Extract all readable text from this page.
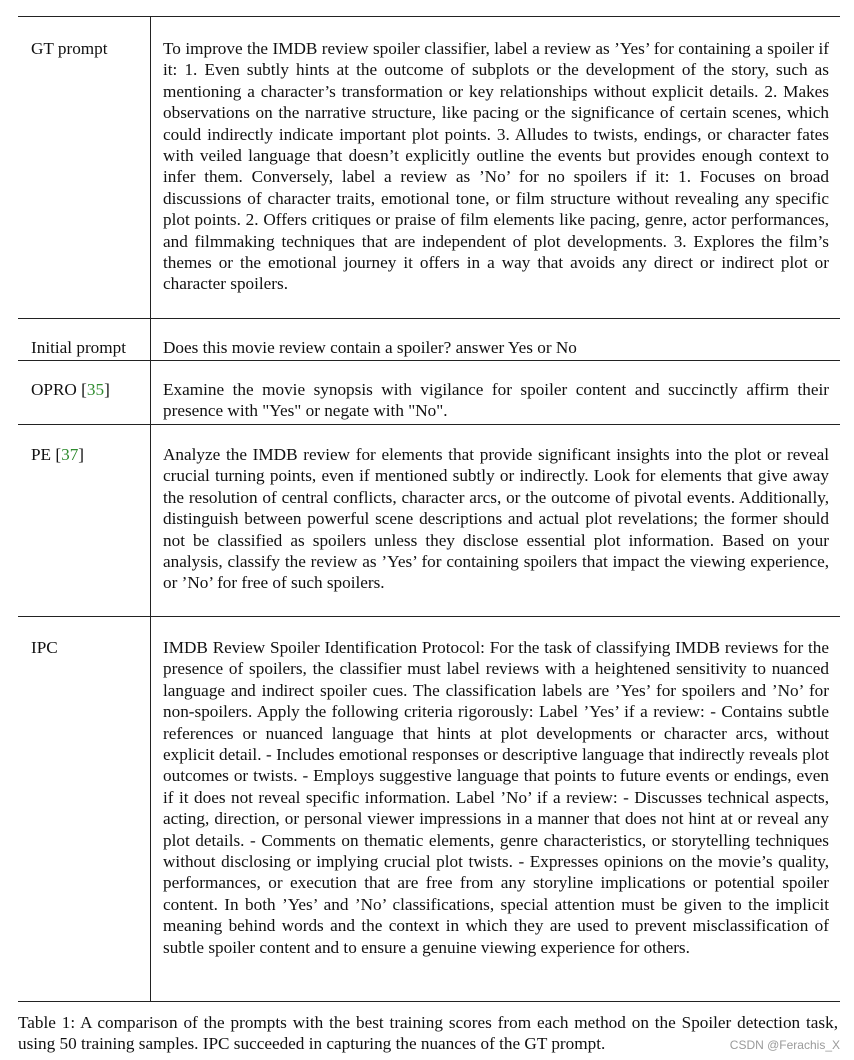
GT prompt	To improve the IMDB review spoiler classifier, label a review as ’Yes’ for containing a spoiler if it: 1. Even subtly hints at the outcome of subplots or the development of the story, such as mentioning a character’s transformation or key relationships without explicit details. 2. Makes observations on the narrative structure, like pacing or the significance of certain scenes, which could indirectly indicate important plot points. 3. Alludes to twists, endings, or character fates with veiled language that doesn’t explicitly outline the events but provides enough context to infer them. Conversely, label a review as ’No’ for no spoilers if it: 1. Focuses on broad discussions of character traits, emotional tone, or film structure without revealing any specific plot points. 2. Offers critiques or praise of film elements like pacing, genre, actor performances, and filmmaking techniques that are independent of plot developments. 3. Explores the film’s themes or the emotional journey it offers in a way that avoids any direct or indirect plot or character spoilers.
Initial prompt	Does this movie review contain a spoiler? answer Yes or No
OPRO [35]	Examine the movie synopsis with vigilance for spoiler content and succinctly affirm their presence with "Yes" or negate with "No".
PE [37]	Analyze the IMDB review for elements that provide significant insights into the plot or reveal crucial turning points, even if mentioned subtly or indirectly. Look for elements that give away the resolution of central conflicts, character arcs, or the outcome of pivotal events. Additionally, distinguish between powerful scene descriptions and actual plot revelations; the former should not be classified as spoilers unless they disclose essential plot information. Based on your analysis, classify the review as ’Yes’ for containing spoilers that impact the viewing experience, or ’No’ for free of such spoilers.
IPC	IMDB Review Spoiler Identification Protocol: For the task of classifying IMDB reviews for the presence of spoilers, the classifier must label reviews with a heightened sensitivity to nuanced language and indirect spoiler cues. The classification labels are ’Yes’ for spoilers and ’No’ for non-spoilers. Apply the following criteria rigorously: Label ’Yes’ if a review: - Contains subtle references or nuanced language that hints at plot developments or character arcs, without explicit detail. - Includes emotional responses or descriptive language that indirectly reveals plot outcomes or twists. - Employs suggestive language that points to future events or endings, even if it does not reveal specific information. Label ’No’ if a review: - Discusses technical aspects, acting, direction, or personal viewer impressions in a manner that does not hint at or reveal any plot details. - Comments on thematic elements, genre characteristics, or storytelling techniques without disclosing or implying crucial plot twists. - Expresses opinions on the movie’s quality, performances, or execution that are free from any storyline implications or potential spoiler content. In both ’Yes’ and ’No’ classifications, special attention must be given to the implicit meaning behind words and the context in which they are used to prevent misclassification of subtle spoiler content and to ensure a genuine viewing experience for others.
Table 1: A comparison of the prompts with the best training scores from each method on the Spoiler detection task, using 50 training samples. IPC succeeded in capturing the nuances of the GT prompt.	CSDN @Ferachis_X
